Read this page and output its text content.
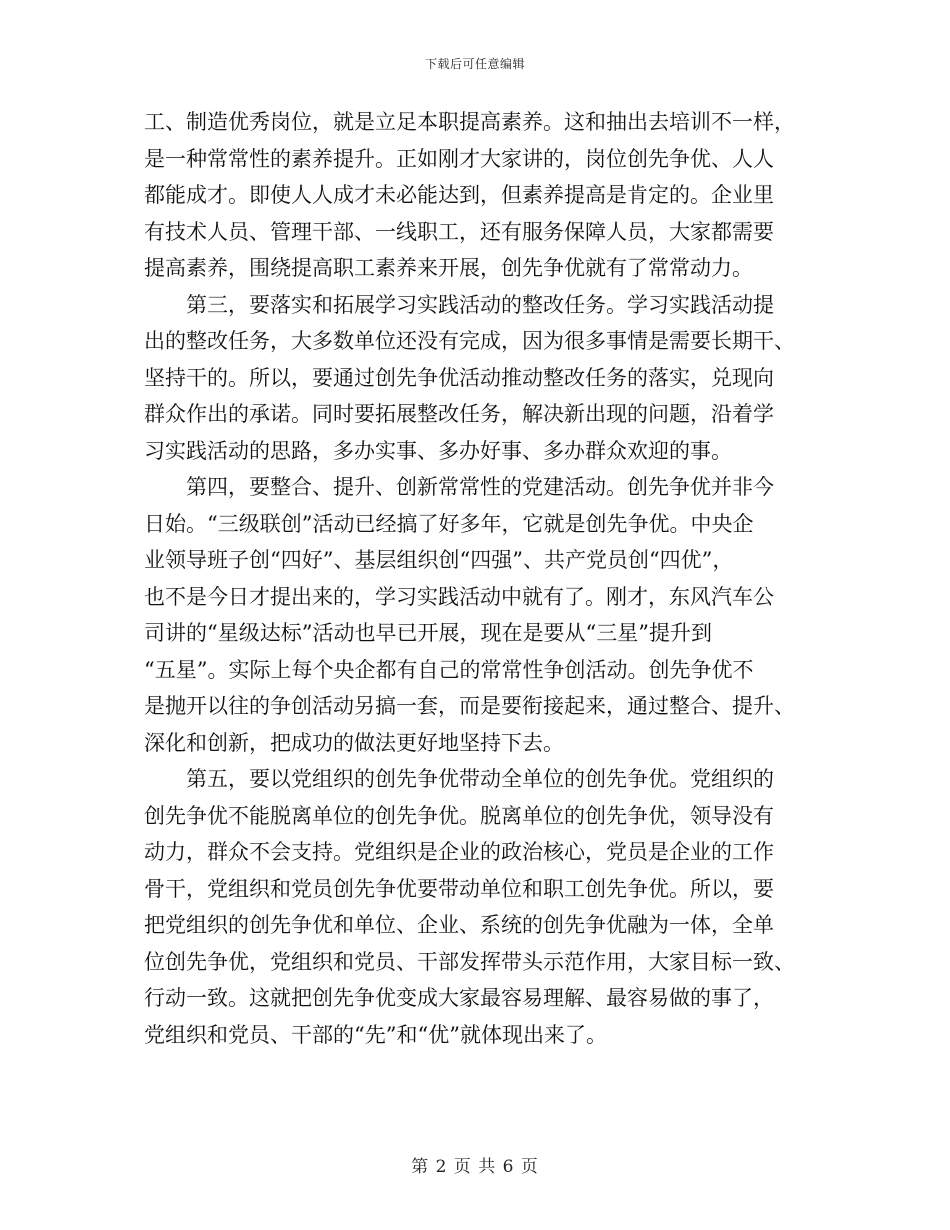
下载后可任意编辑
工、制造优秀岗位，就是立足本职提高素养。这和抽出去培训不一样，
是一种常常性的素养提升。正如刚才大家讲的，岗位创先争优、人人
都能成才。即使人人成才未必能达到，但素养提高是肯定的。企业里
有技术人员、管理干部、一线职工，还有服务保障人员，大家都需要
提高素养，围绕提高职工素养来开展，创先争优就有了常常动力。
　　第三，要落实和拓展学习实践活动的整改任务。学习实践活动提
出的整改任务，大多数单位还没有完成，因为很多事情是需要长期干、
坚持干的。所以，要通过创先争优活动推动整改任务的落实，兑现向
群众作出的承诺。同时要拓展整改任务，解决新出现的问题，沿着学
习实践活动的思路，多办实事、多办好事、多办群众欢迎的事。
　　第四，要整合、提升、创新常常性的党建活动。创先争优并非今
日始。“三级联创”活动已经搞了好多年，它就是创先争优。中央企
业领导班子创“四好”、基层组织创“四强”、共产党员创“四优”，
也不是今日才提出来的，学习实践活动中就有了。刚才，东风汽车公
司讲的“星级达标”活动也早已开展，现在是要从“三星”提升到
“五星”。实际上每个央企都有自己的常常性争创活动。创先争优不
是抛开以往的争创活动另搞一套，而是要衔接起来，通过整合、提升、
深化和创新，把成功的做法更好地坚持下去。
　　第五，要以党组织的创先争优带动全单位的创先争优。党组织的
创先争优不能脱离单位的创先争优。脱离单位的创先争优，领导没有
动力，群众不会支持。党组织是企业的政治核心，党员是企业的工作
骨干，党组织和党员创先争优要带动单位和职工创先争优。所以，要
把党组织的创先争优和单位、企业、系统的创先争优融为一体，全单
位创先争优，党组织和党员、干部发挥带头示范作用，大家目标一致、
行动一致。这就把创先争优变成大家最容易理解、最容易做的事了，
党组织和党员、干部的“先”和“优”就体现出来了。
第 2 页 共 6 页
